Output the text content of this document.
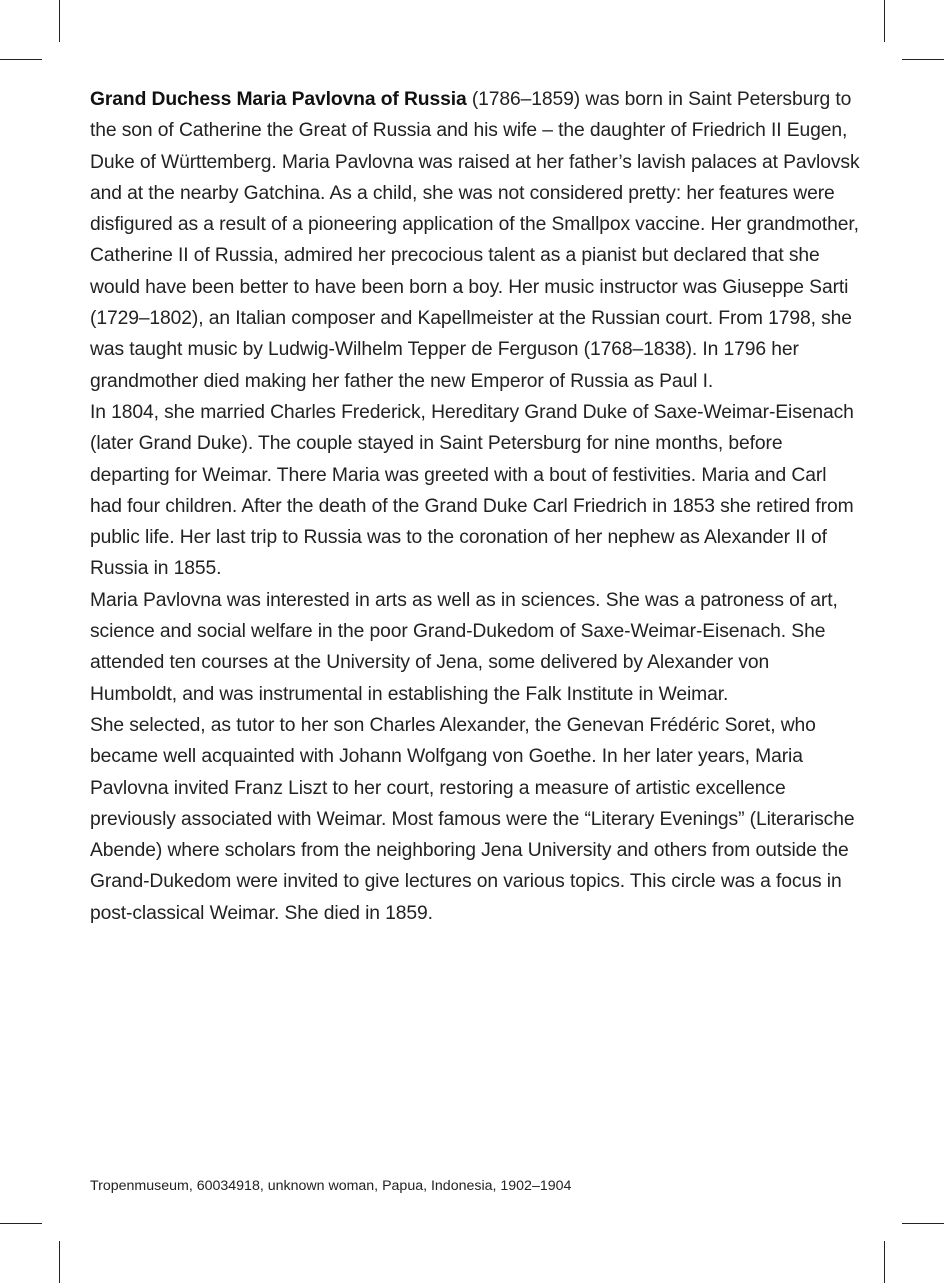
Grand Duchess Maria Pavlovna of Russia (1786–1859) was born in Saint Petersburg to the son of Catherine the Great of Russia and his wife – the daughter of Friedrich II Eugen, Duke of Württemberg. Maria Pavlovna was raised at her father’s lavish palaces at Pavlovsk and at the nearby Gatchina. As a child, she was not considered pretty: her features were disfigured as a result of a pioneering application of the Smallpox vaccine. Her grandmother, Catherine II of Russia, admired her precocious talent as a pianist but declared that she would have been better to have been born a boy. Her music instructor was Giuseppe Sarti (1729–1802), an Italian composer and Kapellmeister at the Russian court. From 1798, she was taught music by Ludwig-Wilhelm Tepper de Ferguson (1768–1838). In 1796 her grandmother died making her father the new Emperor of Russia as Paul I.

In 1804, she married Charles Frederick, Hereditary Grand Duke of Saxe-Weimar-Eisenach (later Grand Duke). The couple stayed in Saint Petersburg for nine months, before departing for Weimar. There Maria was greeted with a bout of festivities. Maria and Carl had four children. After the death of the Grand Duke Carl Friedrich in 1853 she retired from public life. Her last trip to Russia was to the coronation of her nephew as Alexander II of Russia in 1855.

Maria Pavlovna was interested in arts as well as in sciences. She was a patroness of art, science and social welfare in the poor Grand-Dukedom of Saxe-Weimar-Eisenach. She attended ten courses at the University of Jena, some delivered by Alexander von Humboldt, and was instrumental in establishing the Falk Institute in Weimar.

She selected, as tutor to her son Charles Alexander, the Genevan Frédéric Soret, who became well acquainted with Johann Wolfgang von Goethe. In her later years, Maria Pavlovna invited Franz Liszt to her court, restoring a measure of artistic excellence previously associated with Weimar. Most famous were the “Literary Evenings” (Literarische Abende) where scholars from the neighboring Jena University and others from outside the Grand-Dukedom were invited to give lectures on various topics. This circle was a focus in post-classical Weimar. She died in 1859.

Tropenmuseum, 60034918, unknown woman, Papua, Indonesia, 1902–1904
